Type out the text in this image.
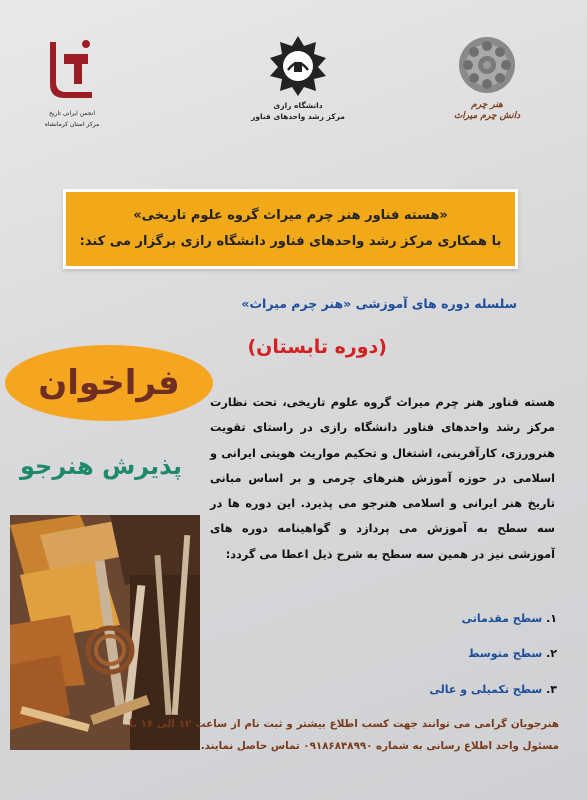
هنر چرم
دانش چرم میراث
دانشگاه رازی
مرکز رشد واحدهای فناور
انجمن ایرانی تاریخ
مرکز استان کرمانشاه
«هسته فناور هنر چرم میراث گروه علوم تاریخی»
با همکاری مرکز رشد واحدهای فناور دانشگاه رازی برگزار می کند:
سلسله دوره های آموزشی «هنر چرم میراث»
(دوره تابستان)
فراخوان
پذیرش هنرجو
هسته فناور هنر چرم میراث گروه علوم تاریخی، تحت نظارت مرکز رشد واحدهای فناور دانشگاه رازی در راستای تقویت هنرورزی، کارآفرینی، اشتغال و تحکیم مواریث هویتی ایرانی و اسلامی در حوزه آموزش هنرهای چرمی و بر اساس مبانی تاریخ هنر ایرانی و اسلامی هنرجو می پذیرد. این دوره ها در سه سطح به آموزش می پردازد و گواهینامه دوره های آموزشی نیز در همین سه سطح به شرح ذیل اعطا می گردد:
۱. سطح مقدماتی
۲. سطح متوسط
۳. سطح تکمیلی و عالی
هنرجویان گرامی می توانند جهت کسب اطلاع بیشتر و ثبت نام از ساعت ۱۲ الی ۱۶ با مسئول واحد اطلاع رسانی به شماره ۰۹۱۸۶۸۴۸۹۹۰ تماس حاصل نمایند.
